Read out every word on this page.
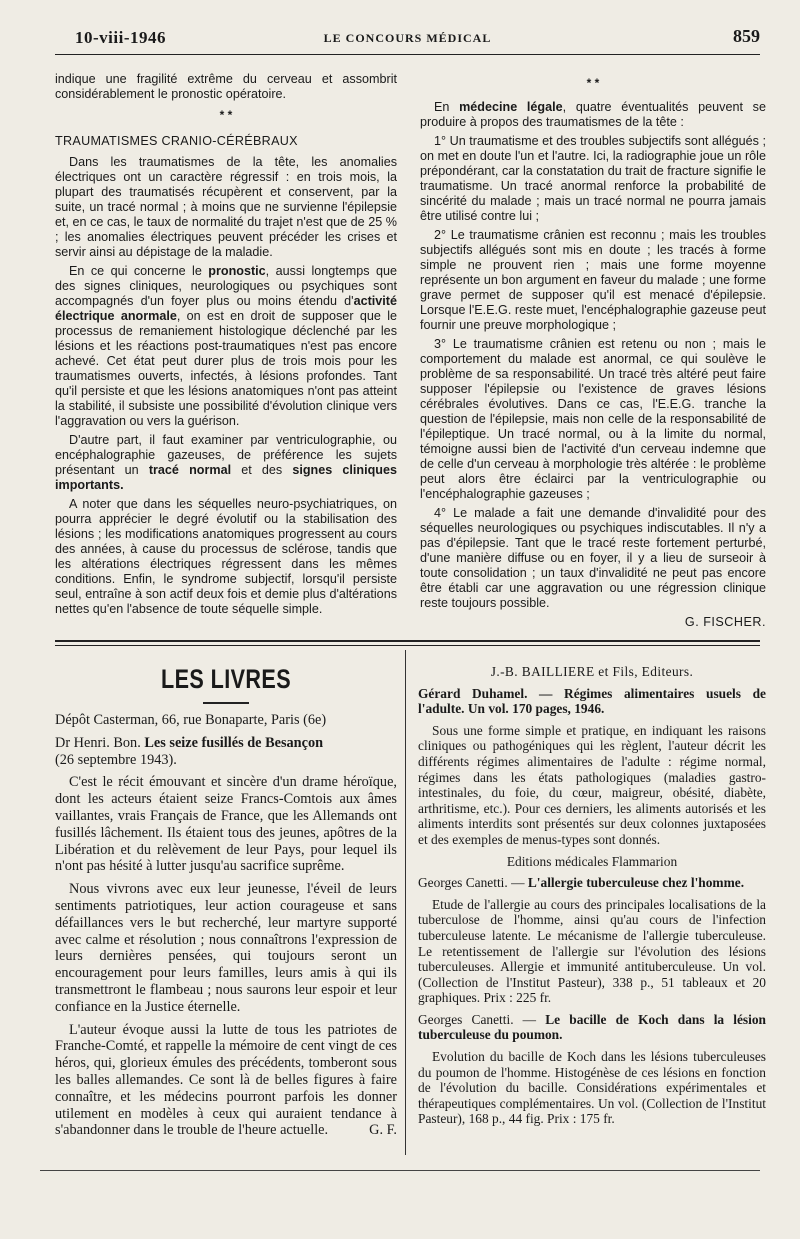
10-viii-1946	LE CONCOURS MÉDICAL	859

indique une fragilité extrême du cerveau et assombrit considérablement le pronostic opératoire.

* *
TRAUMATISMES CRANIO-CÉRÉBRAUX

Dans les traumatismes de la tête, les anomalies électriques ont un caractère régressif : en trois mois, la plupart des traumatisés récupèrent et conservent, par la suite, un tracé normal ; à moins que ne survienne l'épilepsie et, en ce cas, le taux de normalité du trajet n'est que de 25 % ; les anomalies électriques peuvent précéder les crises et servir ainsi au dépistage de la maladie.

En ce qui concerne le pronostic, aussi longtemps que des signes cliniques, neurologiques ou psychiques sont accompagnés d'un foyer plus ou moins étendu d'activité électrique anormale, on est en droit de supposer que le processus de remaniement histologique déclenché par les lésions et les réactions post-traumatiques n'est pas encore achevé. Cet état peut durer plus de trois mois pour les traumatismes ouverts, infectés, à lésions profondes. Tant qu'il persiste et que les lésions anatomiques n'ont pas atteint la stabilité, il subsiste une possibilité d'évolution clinique vers l'aggravation ou vers la guérison.

D'autre part, il faut examiner par ventriculographie, ou encéphalographie gazeuses, de préférence les sujets présentant un tracé normal et des signes cliniques importants.

A noter que dans les séquelles neuro-psychiatriques, on pourra apprécier le degré évolutif ou la stabilisation des lésions ; les modifications anatomiques progressent au cours des années, à cause du processus de sclérose, tandis que les altérations électriques régressent dans les mêmes conditions. Enfin, le syndrome subjectif, lorsqu'il persiste seul, entraîne à son actif deux fois et demie plus d'altérations nettes qu'en l'absence de toute séquelle simple.

* *

En médecine légale, quatre éventualités peuvent se produire à propos des traumatismes de la tête :

1° Un traumatisme et des troubles subjectifs sont allégués ; on met en doute l'un et l'autre. Ici, la radiographie joue un rôle prépondérant, car la constatation du trait de fracture signifie le traumatisme. Un tracé anormal renforce la probabilité de sincérité du malade ; mais un tracé normal ne pourra jamais être utilisé contre lui ;

2° Le traumatisme crânien est reconnu ; mais les troubles subjectifs allégués sont mis en doute ; les tracés à forme simple ne prouvent rien ; mais une forme moyenne représente un bon argument en faveur du malade ; une forme grave permet de supposer qu'il est menacé d'épilepsie. Lorsque l'E.E.G. reste muet, l'encéphalographie gazeuse peut fournir une preuve morphologique ;

3° Le traumatisme crânien est retenu ou non ; mais le comportement du malade est anormal, ce qui soulève le problème de sa responsabilité. Un tracé très altéré peut faire supposer l'épilepsie ou l'existence de graves lésions cérébrales évolutives. Dans ce cas, l'E.E.G. tranche la question de l'épilepsie, mais non celle de la responsabilité de l'épileptique. Un tracé normal, ou à la limite du normal, témoigne aussi bien de l'activité d'un cerveau indemne que de celle d'un cerveau à morphologie très altérée : le problème peut alors être éclairci par la ventriculographie ou l'encéphalographie gazeuses ;

4° Le malade a fait une demande d'invalidité pour des séquelles neurologiques ou psychiques indiscutables. Il n'y a pas d'épilepsie. Tant que le tracé reste fortement perturbé, d'une manière diffuse ou en foyer, il y a lieu de surseoir à toute consolidation ; un taux d'invalidité ne peut pas encore être établi car une aggravation ou une régression clinique reste toujours possible.

G. FISCHER.
LES LIVRES

Dépôt Casterman, 66, rue Bonaparte, Paris (6e)

Dr Henri. Bon. Les seize fusillés de Besançon
(26 septembre 1943).

C'est le récit émouvant et sincère d'un drame héroïque, dont les acteurs étaient seize Francs-Comtois aux âmes vaillantes, vrais Français de France, que les Allemands ont fusillés lâchement. Ils étaient tous des jeunes, apôtres de la Libération et du relèvement de leur Pays, pour lequel ils n'ont pas hésité à lutter jusqu'au sacrifice suprême.

Nous vivrons avec eux leur jeunesse, l'éveil de leurs sentiments patriotiques, leur action courageuse et sans défaillances vers le but recherché, leur martyre supporté avec calme et résolution ; nous connaîtrons l'expression de leurs dernières pensées, qui toujours seront un encouragement pour leurs familles, leurs amis à qui ils transmettront le flambeau ; nous saurons leur espoir et leur confiance en la Justice éternelle.

L'auteur évoque aussi la lutte de tous les patriotes de Franche-Comté, et rappelle la mémoire de cent vingt de ces héros, qui, glorieux émules des précédents, tomberont sous les balles allemandes. Ce sont là de belles figures à faire connaître, et les médecins pourront parfois les donner utilement en modèles à ceux qui auraient tendance à s'abandonner dans le trouble de l'heure actuelle.	G. F.

J.-B. BAILLIERE et Fils, Editeurs.

Gérard Duhamel. — Régimes alimentaires usuels de l'adulte. Un vol. 170 pages, 1946.

Sous une forme simple et pratique, en indiquant les raisons cliniques ou pathogéniques qui les règlent, l'auteur décrit les différents régimes alimentaires de l'adulte : régime normal, régimes dans les états pathologiques (maladies gastro-intestinales, du foie, du cœur, maigreur, obésité, diabète, arthritisme, etc.). Pour ces derniers, les aliments autorisés et les aliments interdits sont présentés sur deux colonnes juxtaposées et des exemples de menus-types sont donnés.

Editions médicales Flammarion

Georges Canetti. — L'allergie tuberculeuse chez l'homme.

Etude de l'allergie au cours des principales localisations de la tuberculose de l'homme, ainsi qu'au cours de l'infection tuberculeuse latente. Le mécanisme de l'allergie tuberculeuse. Le retentissement de l'allergie sur l'évolution des lésions tuberculeuses. Allergie et immunité antituberculeuse. Un vol. (Collection de l'Institut Pasteur), 338 p., 51 tableaux et 20 graphiques. Prix : 225 fr.

Georges Canetti. — Le bacille de Koch dans la lésion tuberculeuse du poumon.

Evolution du bacille de Koch dans les lésions tuberculeuses du poumon de l'homme. Histogénèse de ces lésions en fonction de l'évolution du bacille. Considérations expérimentales et thérapeutiques complémentaires. Un vol. (Collection de l'Institut Pasteur), 168 p., 44 fig. Prix : 175 fr.
